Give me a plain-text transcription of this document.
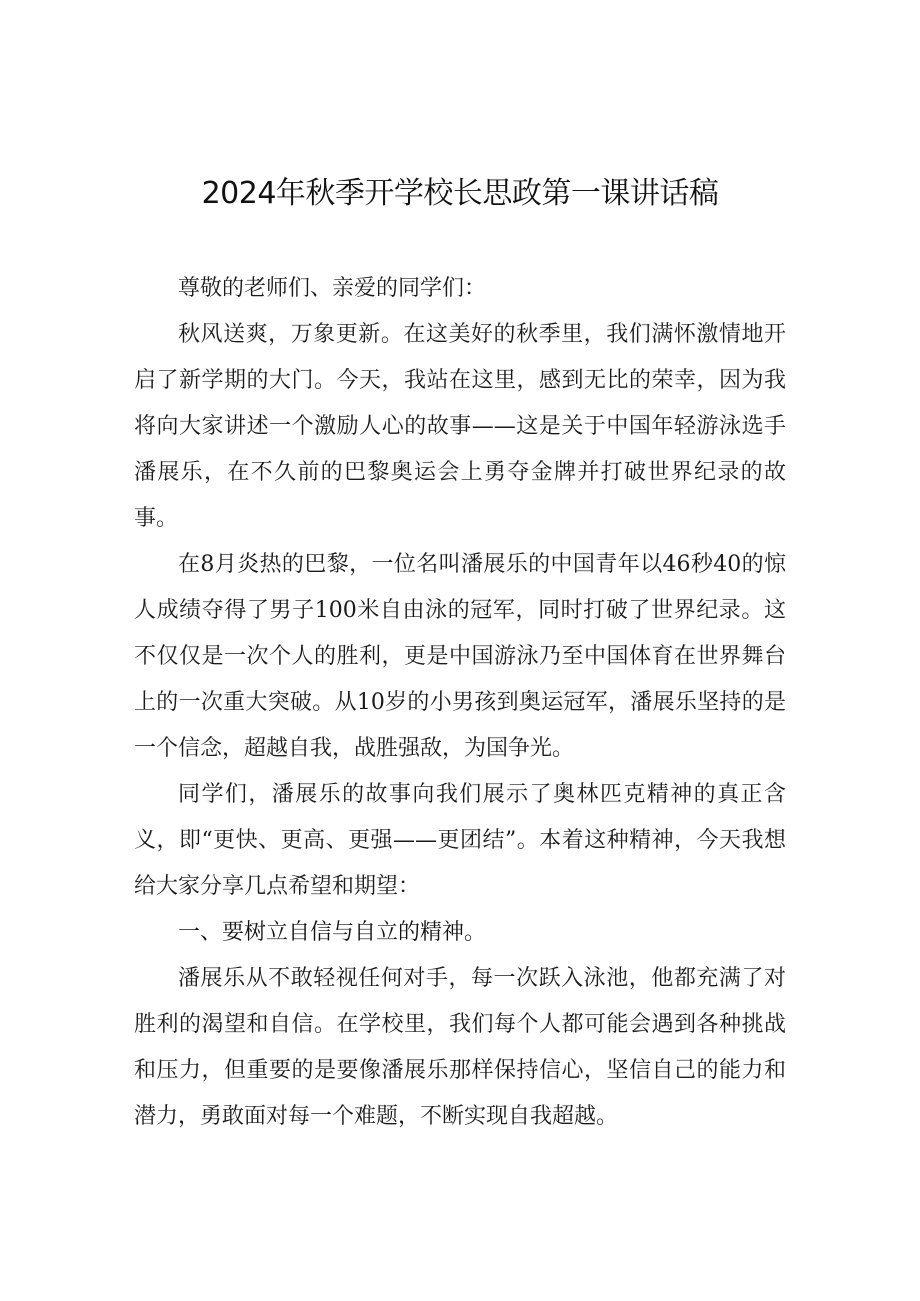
2024年秋季开学校长思政第一课讲话稿

尊敬的老师们、亲爱的同学们：

秋风送爽，万象更新。在这美好的秋季里，我们满怀激情地开启了新学期的大门。今天，我站在这里，感到无比的荣幸，因为我将向大家讲述一个激励人心的故事——这是关于中国年轻游泳选手潘展乐，在不久前的巴黎奥运会上勇夺金牌并打破世界纪录的故事。

在8月炎热的巴黎，一位名叫潘展乐的中国青年以46秒40的惊人成绩夺得了男子100米自由泳的冠军，同时打破了世界纪录。这不仅仅是一次个人的胜利，更是中国游泳乃至中国体育在世界舞台上的一次重大突破。从10岁的小男孩到奥运冠军，潘展乐坚持的是一个信念，超越自我，战胜强敌，为国争光。

同学们，潘展乐的故事向我们展示了奥林匹克精神的真正含义，即“更快、更高、更强——更团结”。本着这种精神，今天我想给大家分享几点希望和期望：

一、要树立自信与自立的精神。

潘展乐从不敢轻视任何对手，每一次跃入泳池，他都充满了对胜利的渴望和自信。在学校里，我们每个人都可能会遇到各种挑战和压力，但重要的是要像潘展乐那样保持信心，坚信自己的能力和潜力，勇敢面对每一个难题，不断实现自我超越。
